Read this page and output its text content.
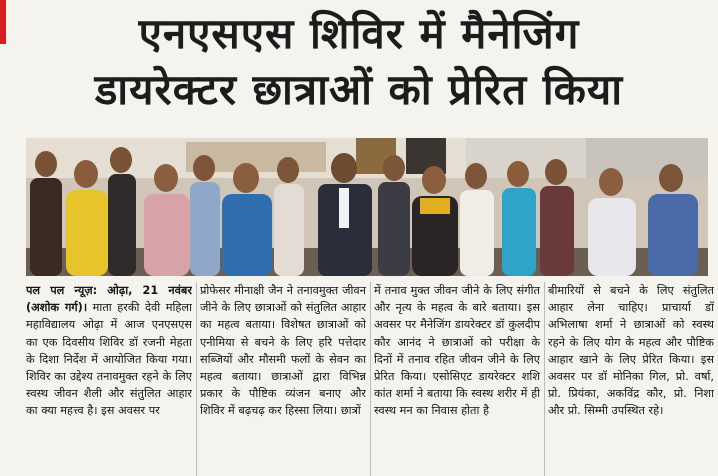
एनएसएस शिविर में मैनेजिंग
डायरेक्टर छात्राओं को प्रेरित किया

पल पल न्यूज़: ओढ़ा, 21 नवंबर (अशोक गर्ग)। माता हरकी देवी महिला महाविद्यालय ओढ़ा में आज एनएसएस का एक दिवसीय शिविर डॉ रजनी मेहता के दिशा निर्देश में आयोजित किया गया। शिविर का उद्देश्य तनावमुक्त रहने के लिए स्वस्थ जीवन शैली और संतुलित आहार का क्या महत्त्व है। इस अवसर पर

प्रोफेसर मीनाक्षी जैन ने तनावमुक्त जीवन जीने के लिए छात्राओं को संतुलित आहार का महत्व बताया। विशेषत छात्राओं को एनीमिया से बचने के लिए हरि पत्तेदार सब्जियों और मौसमी फलों के सेवन का महत्व बताया। छात्राओं द्वारा विभिन्न प्रकार के पौष्टिक व्यंजन बनाए और शिविर में बढ़चढ़ कर हिस्सा लिया। छात्रों

में तनाव मुक्त जीवन जीने के लिए संगीत और नृत्य के महत्व के बारे बताया। इस अवसर पर मैनेजिंग डायरेक्टर डॉ कुलदीप कौर आनंद ने छात्राओं को परीक्षा के दिनों में तनाव रहित जीवन जीने के लिए प्रेरित किया। एसोसिएट डायरेक्टर शशि कांत शर्मा ने बताया कि स्वस्थ शरीर में ही स्वस्थ मन का निवास होता है

बीमारियों से बचने के लिए संतुलित आहार लेना चाहिए। प्राचार्या डॉ अभिलाषा शर्मा ने छात्राओं को स्वस्थ रहने के लिए योग के महत्व और पौष्टिक आहार खाने के लिए प्रेरित किया। इस अवसर पर डॉ मोनिका गिल, प्रो. वर्षा, प्रो. प्रियंका, अकविंद्र कौर, प्रो. निशा और प्रो. सिम्मी उपस्थित रहे।
